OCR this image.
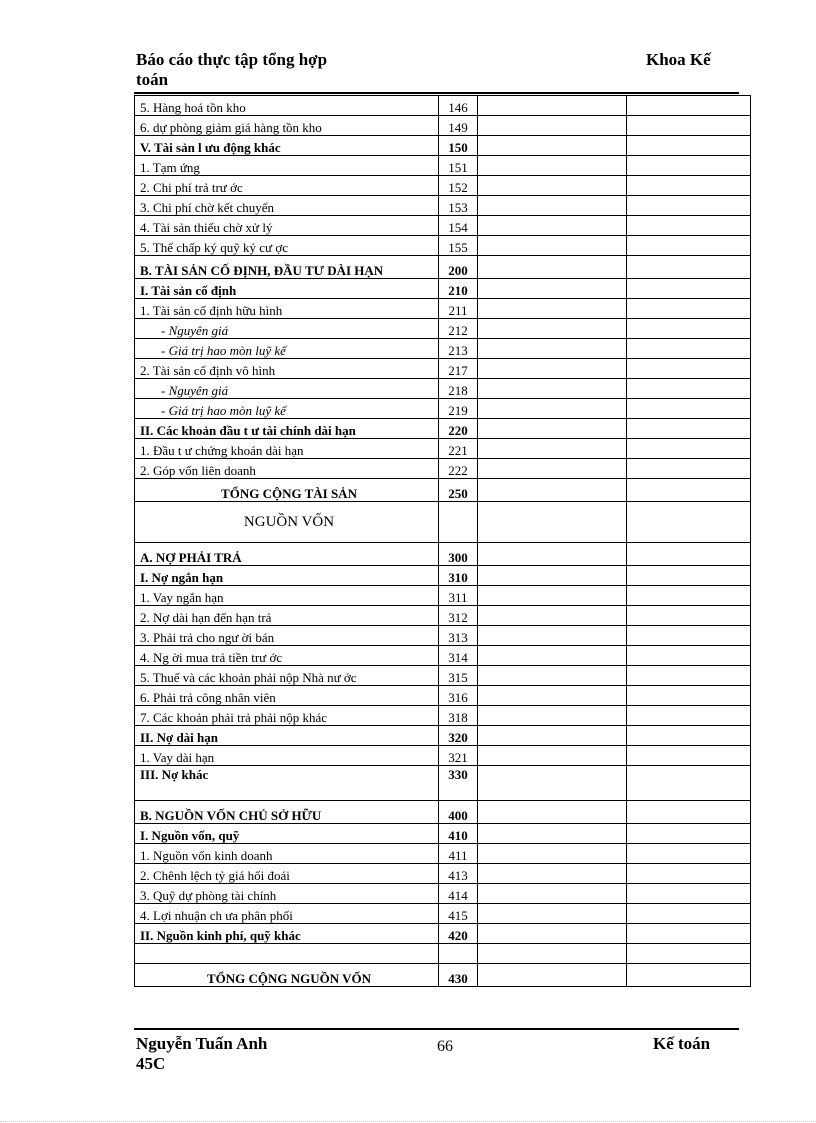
Báo cáo thực tập tổng hợp
toán
Khoa Kế
5. Hàng hoá tồn kho	146		
6. dự phòng giảm giá hàng tồn kho	149		
V. Tài sản l ưu động khác	150		
1. Tạm ứng	151		
2. Chi phí trả trư ớc	152		
3. Chi phí chờ kết chuyển	153		
4. Tài sản thiếu chờ xử lý	154		
5. Thế chấp ký quỹ ký cư ợc	155		
B. TÀI SẢN CỐ ĐỊNH, ĐẦU TƯ DÀI HẠN	200		
I. Tài sản cố định	210		
1. Tài sản cố định hữu hình	211		
- Nguyên giá	212		
- Giá trị hao mòn luỹ kế	213		
2. Tài sản cố định vô hình	217		
- Nguyên giá	218		
- Giá trị hao mòn luỹ kế	219		
II. Các khoản đầu t ư tài chính dài hạn	220		
1. Đầu t ư chứng khoán dài hạn	221		
2. Góp vốn liên doanh	222		
TỔNG CỘNG TÀI SẢN	250		
NGUỒN VỐN			
A. NỢ PHẢI TRẢ	300		
I. Nợ ngắn hạn	310		
1. Vay ngắn hạn	311		
2. Nợ dài hạn đến hạn trả	312		
3. Phải trả cho ngư ời bán	313		
4. Ng ời mua trả tiền trư ớc	314		
5. Thuế và các khoản phải nộp Nhà nư ớc	315		
6. Phải trả công nhân viên	316		
7. Các khoản phải trả phải nộp khác	318		
II. Nợ dài hạn	320		
1. Vay dài hạn	321		
III. Nợ khác	330		
B. NGUỒN VỐN CHỦ SỞ HỮU	400		
I. Nguồn vốn, quỹ	410		
1. Nguồn vốn kinh doanh	411		
2. Chênh lệch tỷ giá hối đoái	413		
3. Quỹ dự phòng tài chính	414		
4. Lợi nhuận ch ưa phân phối	415		
II. Nguồn kinh phí, quỹ khác	420		

TỔNG CỘNG NGUỒN VỐN	430		
Nguyễn Tuấn Anh
45C
66	Kế toán
